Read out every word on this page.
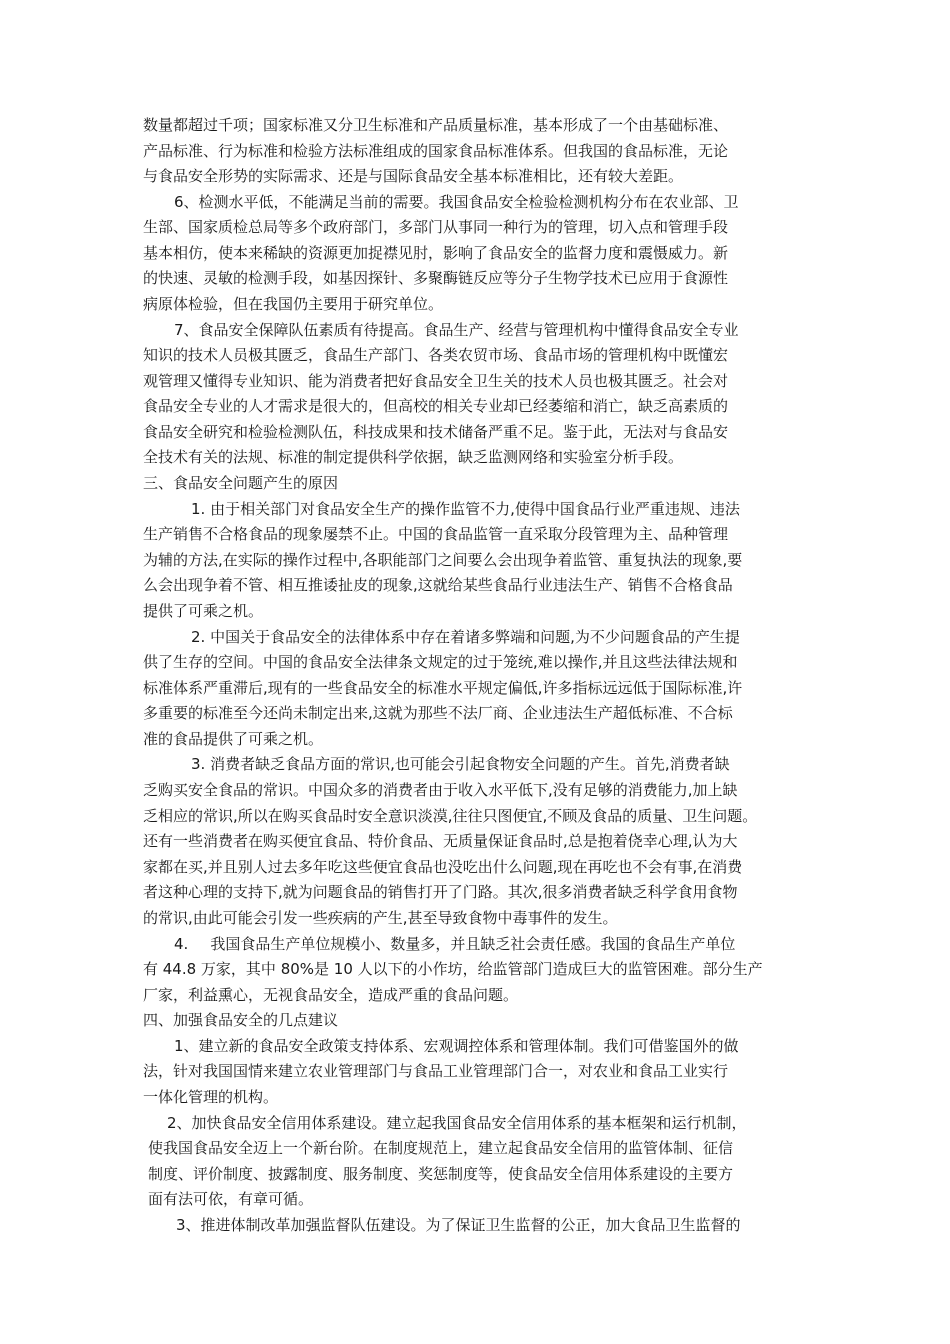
数量都超过千项；国家标准又分卫生标准和产品质量标准，基本形成了一个由基础标准、
产品标准、行为标准和检验方法标准组成的国家食品标准体系。但我国的食品标准，无论
与食品安全形势的实际需求、还是与国际食品安全基本标准相比，还有较大差距。
6、检测水平低，不能满足当前的需要。我国食品安全检验检测机构分布在农业部、卫
生部、国家质检总局等多个政府部门，多部门从事同一种行为的管理，切入点和管理手段
基本相仿，使本来稀缺的资源更加捉襟见肘，影响了食品安全的监督力度和震慑威力。新
的快速、灵敏的检测手段，如基因探针、多聚酶链反应等分子生物学技术已应用于食源性
病原体检验，但在我国仍主要用于研究单位。
7、食品安全保障队伍素质有待提高。食品生产、经营与管理机构中懂得食品安全专业
知识的技术人员极其匮乏，食品生产部门、各类农贸市场、食品市场的管理机构中既懂宏
观管理又懂得专业知识、能为消费者把好食品安全卫生关的技术人员也极其匮乏。社会对
食品安全专业的人才需求是很大的，但高校的相关专业却已经萎缩和消亡，缺乏高素质的
食品安全研究和检验检测队伍，科技成果和技术储备严重不足。鉴于此，无法对与食品安
全技术有关的法规、标准的制定提供科学依据，缺乏监测网络和实验室分析手段。
三、食品安全问题产生的原因
1. 由于相关部门对食品安全生产的操作监管不力,使得中国食品行业严重违规、违法
生产销售不合格食品的现象屡禁不止。中国的食品监管一直采取分段管理为主、品种管理
为辅的方法,在实际的操作过程中,各职能部门之间要么会出现争着监管、重复执法的现象,要
么会出现争着不管、相互推诿扯皮的现象,这就给某些食品行业违法生产、销售不合格食品
提供了可乘之机。
2. 中国关于食品安全的法律体系中存在着诸多弊端和问题,为不少问题食品的产生提
供了生存的空间。中国的食品安全法律条文规定的过于笼统,难以操作,并且这些法律法规和
标准体系严重滞后,现有的一些食品安全的标准水平规定偏低,许多指标远远低于国际标准,许
多重要的标准至今还尚未制定出来,这就为那些不法厂商、企业违法生产超低标准、不合标
准的食品提供了可乘之机。
3. 消费者缺乏食品方面的常识,也可能会引起食物安全问题的产生。首先,消费者缺
乏购买安全食品的常识。中国众多的消费者由于收入水平低下,没有足够的消费能力,加上缺
乏相应的常识,所以在购买食品时安全意识淡漠,往往只图便宜,不顾及食品的质量、卫生问题。
还有一些消费者在购买便宜食品、特价食品、无质量保证食品时,总是抱着侥幸心理,认为大
家都在买,并且别人过去多年吃这些便宜食品也没吃出什么问题,现在再吃也不会有事,在消费
者这种心理的支持下,就为问题食品的销售打开了门路。其次,很多消费者缺乏科学食用食物
的常识,由此可能会引发一些疾病的产生,甚至导致食物中毒事件的发生。
4. 我国食品生产单位规模小、数量多，并且缺乏社会责任感。我国的食品生产单位
有 44.8 万家，其中 80%是 10 人以下的小作坊，给监管部门造成巨大的监管困难。部分生产
厂家，利益熏心，无视食品安全，造成严重的食品问题。
四、加强食品安全的几点建议
1、建立新的食品安全政策支持体系、宏观调控体系和管理体制。我们可借鉴国外的做
法，针对我国国情来建立农业管理部门与食品工业管理部门合一，对农业和食品工业实行
一体化管理的机构。
2、加快食品安全信用体系建设。建立起我国食品安全信用体系的基本框架和运行机制，
使我国食品安全迈上一个新台阶。在制度规范上，建立起食品安全信用的监管体制、征信
制度、评价制度、披露制度、服务制度、奖惩制度等，使食品安全信用体系建设的主要方
面有法可依，有章可循。
3、推进体制改革加强监督队伍建设。为了保证卫生监督的公正，加大食品卫生监督的
